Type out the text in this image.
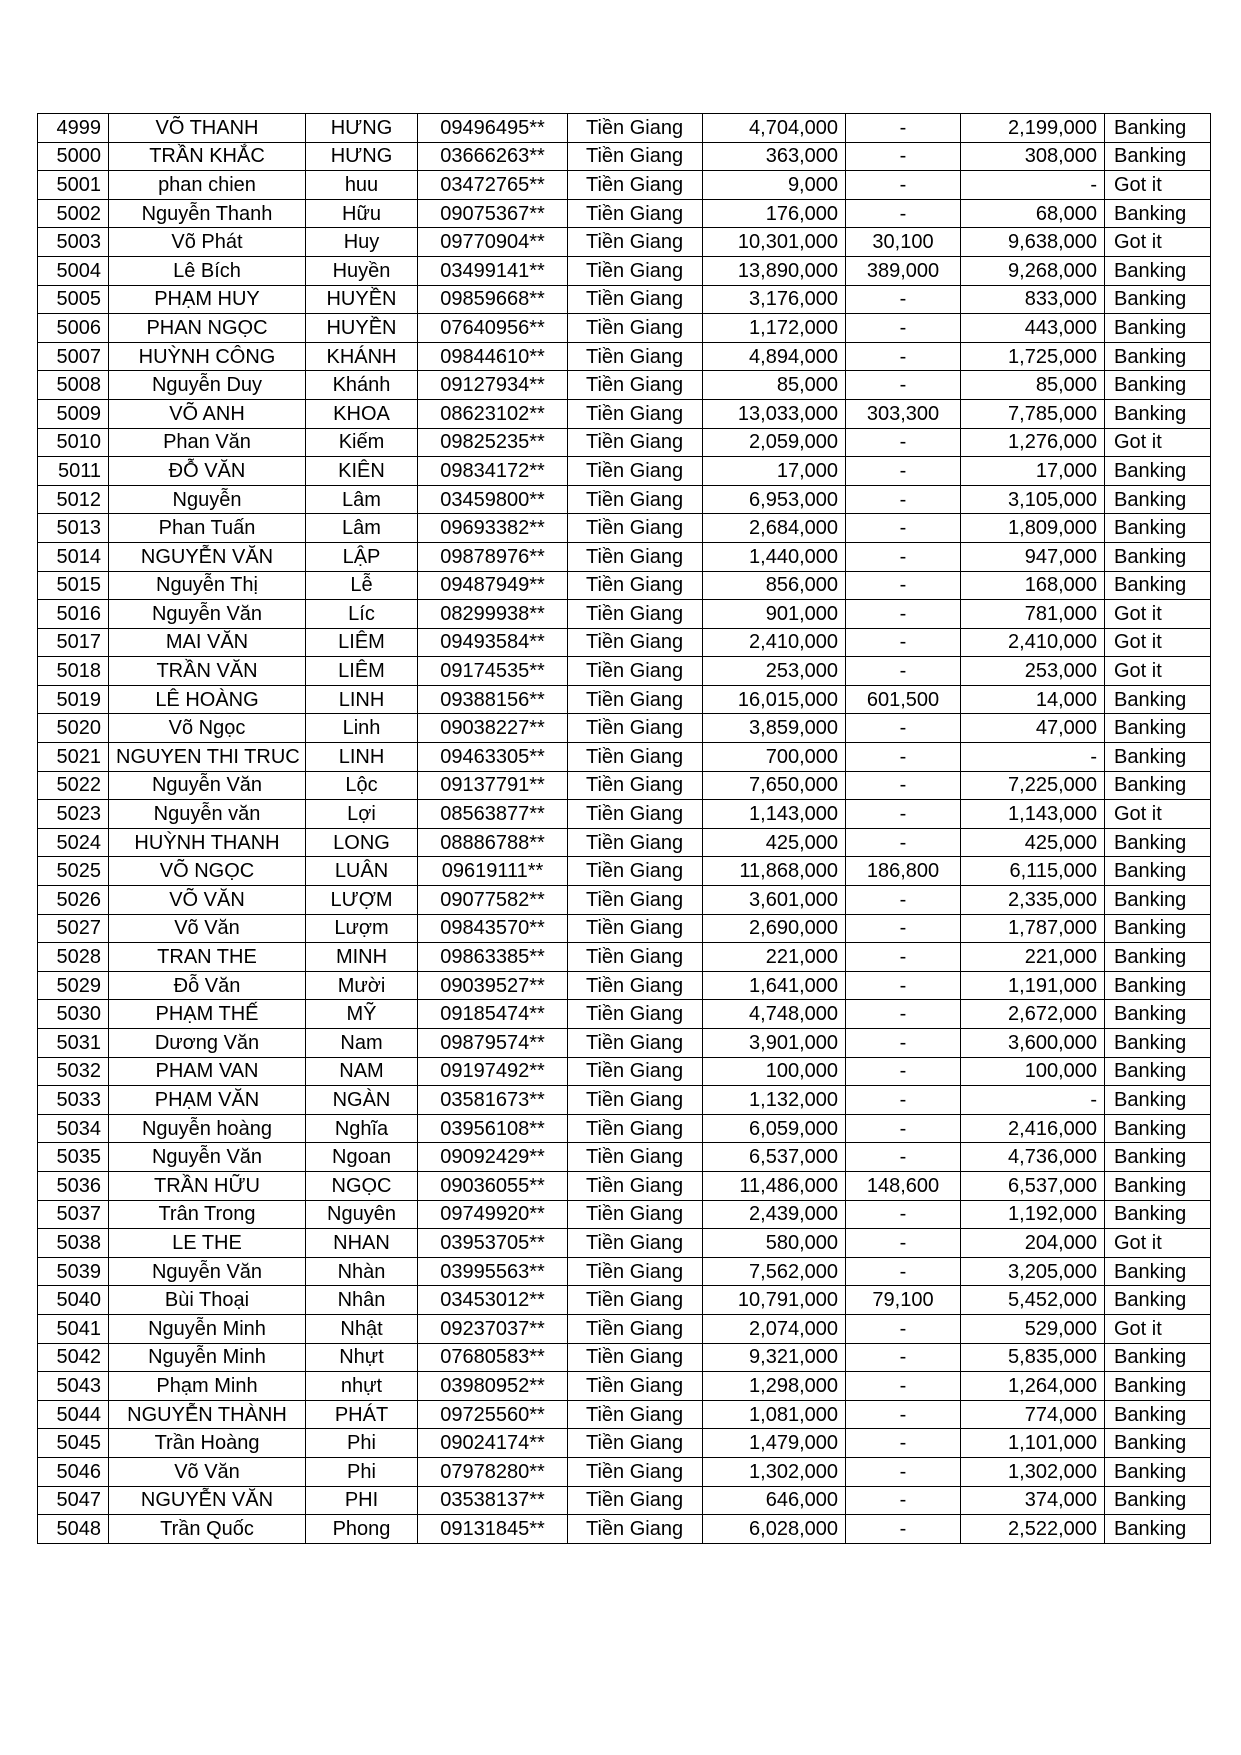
4999	VÕ THANH	HƯNG	09496495**	Tiền Giang	4,704,000	-	2,199,000	Banking
5000	TRẦN KHẮC	HƯNG	03666263**	Tiền Giang	363,000	-	308,000	Banking
5001	phan chien	huu	03472765**	Tiền Giang	9,000	-	-	Got it
5002	Nguyễn Thanh	Hữu	09075367**	Tiền Giang	176,000	-	68,000	Banking
5003	Võ Phát	Huy	09770904**	Tiền Giang	10,301,000	30,100	9,638,000	Got it
5004	Lê Bích	Huyền	03499141**	Tiền Giang	13,890,000	389,000	9,268,000	Banking
5005	PHẠM HUY	HUYỀN	09859668**	Tiền Giang	3,176,000	-	833,000	Banking
5006	PHAN NGỌC	HUYỀN	07640956**	Tiền Giang	1,172,000	-	443,000	Banking
5007	HUỲNH CÔNG	KHÁNH	09844610**	Tiền Giang	4,894,000	-	1,725,000	Banking
5008	Nguyễn Duy	Khánh	09127934**	Tiền Giang	85,000	-	85,000	Banking
5009	VÕ ANH	KHOA	08623102**	Tiền Giang	13,033,000	303,300	7,785,000	Banking
5010	Phan Văn	Kiếm	09825235**	Tiền Giang	2,059,000	-	1,276,000	Got it
5011	ĐỖ VĂN	KIÊN	09834172**	Tiền Giang	17,000	-	17,000	Banking
5012	Nguyễn	Lâm	03459800**	Tiền Giang	6,953,000	-	3,105,000	Banking
5013	Phan Tuấn	Lâm	09693382**	Tiền Giang	2,684,000	-	1,809,000	Banking
5014	NGUYỄN VĂN	LẬP	09878976**	Tiền Giang	1,440,000	-	947,000	Banking
5015	Nguyễn Thị	Lễ	09487949**	Tiền Giang	856,000	-	168,000	Banking
5016	Nguyễn Văn	Líc	08299938**	Tiền Giang	901,000	-	781,000	Got it
5017	MAI VĂN	LIÊM	09493584**	Tiền Giang	2,410,000	-	2,410,000	Got it
5018	TRẦN VĂN	LIÊM	09174535**	Tiền Giang	253,000	-	253,000	Got it
5019	LÊ HOÀNG	LINH	09388156**	Tiền Giang	16,015,000	601,500	14,000	Banking
5020	Võ Ngọc	Linh	09038227**	Tiền Giang	3,859,000	-	47,000	Banking
5021	NGUYEN THI TRUC	LINH	09463305**	Tiền Giang	700,000	-	-	Banking
5022	Nguyễn Văn	Lộc	09137791**	Tiền Giang	7,650,000	-	7,225,000	Banking
5023	Nguyễn văn	Lợi	08563877**	Tiền Giang	1,143,000	-	1,143,000	Got it
5024	HUỲNH THANH	LONG	08886788**	Tiền Giang	425,000	-	425,000	Banking
5025	VÕ NGỌC	LUÂN	09619111**	Tiền Giang	11,868,000	186,800	6,115,000	Banking
5026	VÕ VĂN	LƯỢM	09077582**	Tiền Giang	3,601,000	-	2,335,000	Banking
5027	Võ Văn	Lượm	09843570**	Tiền Giang	2,690,000	-	1,787,000	Banking
5028	TRAN THE	MINH	09863385**	Tiền Giang	221,000	-	221,000	Banking
5029	Đỗ Văn	Mười	09039527**	Tiền Giang	1,641,000	-	1,191,000	Banking
5030	PHẠM THẾ	MỸ	09185474**	Tiền Giang	4,748,000	-	2,672,000	Banking
5031	Dương Văn	Nam	09879574**	Tiền Giang	3,901,000	-	3,600,000	Banking
5032	PHAM VAN	NAM	09197492**	Tiền Giang	100,000	-	100,000	Banking
5033	PHẠM VĂN	NGÀN	03581673**	Tiền Giang	1,132,000	-	-	Banking
5034	Nguyễn hoàng	Nghĩa	03956108**	Tiền Giang	6,059,000	-	2,416,000	Banking
5035	Nguyễn Văn	Ngoan	09092429**	Tiền Giang	6,537,000	-	4,736,000	Banking
5036	TRẦN HỮU	NGỌC	09036055**	Tiền Giang	11,486,000	148,600	6,537,000	Banking
5037	Trân Trong	Nguyên	09749920**	Tiền Giang	2,439,000	-	1,192,000	Banking
5038	LE THE	NHAN	03953705**	Tiền Giang	580,000	-	204,000	Got it
5039	Nguyễn Văn	Nhàn	03995563**	Tiền Giang	7,562,000	-	3,205,000	Banking
5040	Bùi Thoại	Nhân	03453012**	Tiền Giang	10,791,000	79,100	5,452,000	Banking
5041	Nguyễn Minh	Nhật	09237037**	Tiền Giang	2,074,000	-	529,000	Got it
5042	Nguyễn Minh	Nhựt	07680583**	Tiền Giang	9,321,000	-	5,835,000	Banking
5043	Phạm Minh	nhựt	03980952**	Tiền Giang	1,298,000	-	1,264,000	Banking
5044	NGUYỄN THÀNH	PHÁT	09725560**	Tiền Giang	1,081,000	-	774,000	Banking
5045	Trần Hoàng	Phi	09024174**	Tiền Giang	1,479,000	-	1,101,000	Banking
5046	Võ Văn	Phi	07978280**	Tiền Giang	1,302,000	-	1,302,000	Banking
5047	NGUYỄN VĂN	PHI	03538137**	Tiền Giang	646,000	-	374,000	Banking
5048	Trần Quốc	Phong	09131845**	Tiền Giang	6,028,000	-	2,522,000	Banking
